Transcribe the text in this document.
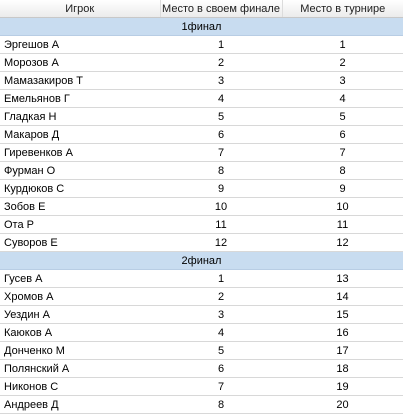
Игрок	Место в своем финале	Место в турнире
1финал		
Эргешов А	1	1
Морозов А	2	2
Мамазакиров Т	3	3
Емельянов Г	4	4
Гладкая Н	5	5
Макаров Д	6	6
Гиревенков А	7	7
Фурман О	8	8
Курдюков С	9	9
Зобов Е	10	10
Ота Р	11	11
Суворов Е	12	12
2финал		
Гусев А	1	13
Хромов А	2	14
Уездин А	3	15
Каюков А	4	16
Донченко М	5	17
Полянский А	6	18
Никонов С	7	19
Андреев Д	8	20
